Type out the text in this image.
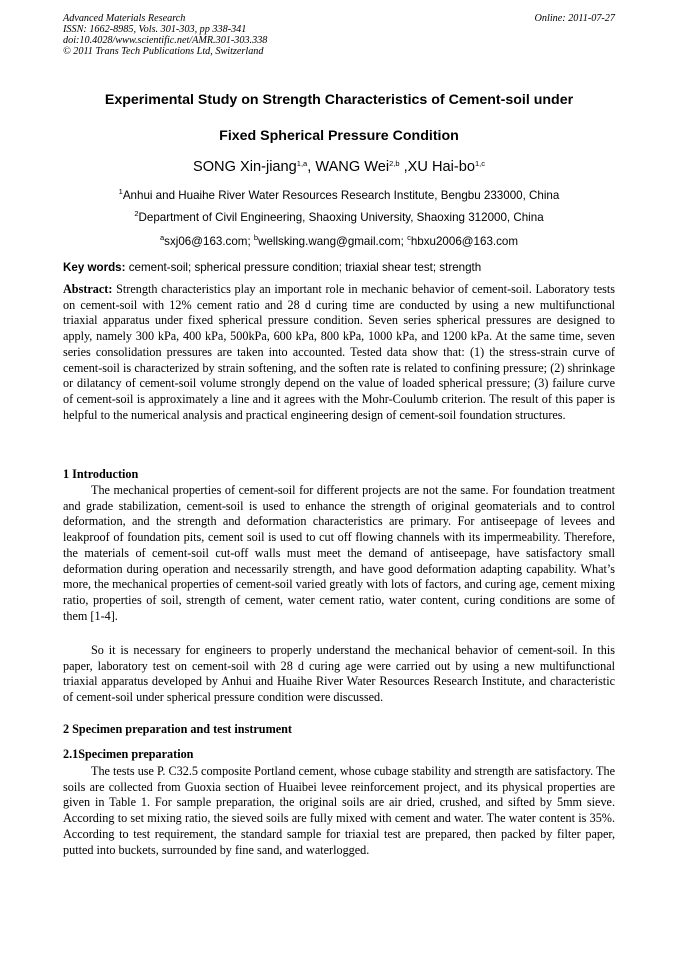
Advanced Materials Research
ISSN: 1662-8985, Vols. 301-303, pp 338-341
doi:10.4028/www.scientific.net/AMR.301-303.338
© 2011 Trans Tech Publications Ltd, Switzerland
Online: 2011-07-27
Experimental Study on Strength Characteristics of Cement-soil under
Fixed Spherical Pressure Condition
SONG Xin-jiang$^{1,a}$, WANG Wei$^{2,b}$ ,XU Hai-bo$^{1,c}$
$^1$Anhui and Huaihe River Water Resources Research Institute, Bengbu 233000, China
$^2$Department of Civil Engineering, Shaoxing University, Shaoxing 312000, China
$^a$sxj06@163.com; $^b$wellsking.wang@gmail.com; $^c$hbxu2006@163.com
Key words: cement-soil; spherical pressure condition; triaxial shear test; strength
Abstract: Strength characteristics play an important role in mechanic behavior of cement-soil. Laboratory tests on cement-soil with 12% cement ratio and 28 d curing time are conducted by using a new multifunctional triaxial apparatus under fixed spherical pressure condition. Seven series spherical pressures are designed to apply, namely 300 kPa, 400 kPa, 500kPa, 600 kPa, 800 kPa, 1000 kPa, and 1200 kPa. At the same time, seven series consolidation pressures are taken into accounted. Tested data show that: (1) the stress-strain curve of cement-soil is characterized by strain softening, and the soften rate is related to confining pressure; (2) shrinkage or dilatancy of cement-soil volume strongly depend on the value of loaded spherical pressure; (3) failure curve of cement-soil is approximately a line and it agrees with the Mohr-Coulumb criterion. The result of this paper is helpful to the numerical analysis and practical engineering design of cement-soil foundation structures.
1 Introduction
The mechanical properties of cement-soil for different projects are not the same. For foundation treatment and grade stabilization, cement-soil is used to enhance the strength of original geomaterials and to control deformation, and the strength and deformation characteristics are primary. For antiseepage of levees and leakproof of foundation pits, cement soil is used to cut off flowing channels with its impermeability. Therefore, the materials of cement-soil cut-off walls must meet the demand of antiseepage, have satisfactory small deformation during operation and necessarily strength, and have good deformation adapting capability. What’s more, the mechanical properties of cement-soil varied greatly with lots of factors, and curing age, cement mixing ratio, properties of soil, strength of cement, water cement ratio, water content, curing conditions are some of them [1-4].
So it is necessary for engineers to properly understand the mechanical behavior of cement-soil. In this paper, laboratory test on cement-soil with 28 d curing age were carried out by using a new multifunctional triaxial apparatus developed by Anhui and Huaihe River Water Resources Research Institute, and characteristic of cement-soil under spherical pressure condition were discussed.
2 Specimen preparation and test instrument
2.1Specimen preparation
The tests use P. C32.5 composite Portland cement, whose cubage stability and strength are satisfactory. The soils are collected from Guoxia section of Huaibei levee reinforcement project, and its physical properties are given in Table 1. For sample preparation, the original soils are air dried, crushed, and sifted by 5mm sieve. According to set mixing ratio, the sieved soils are fully mixed with cement and water. The water content is 35%. According to test requirement, the standard sample for triaxial test are prepared, then packed by filter paper, putted into buckets, surrounded by fine sand, and waterlogged.
